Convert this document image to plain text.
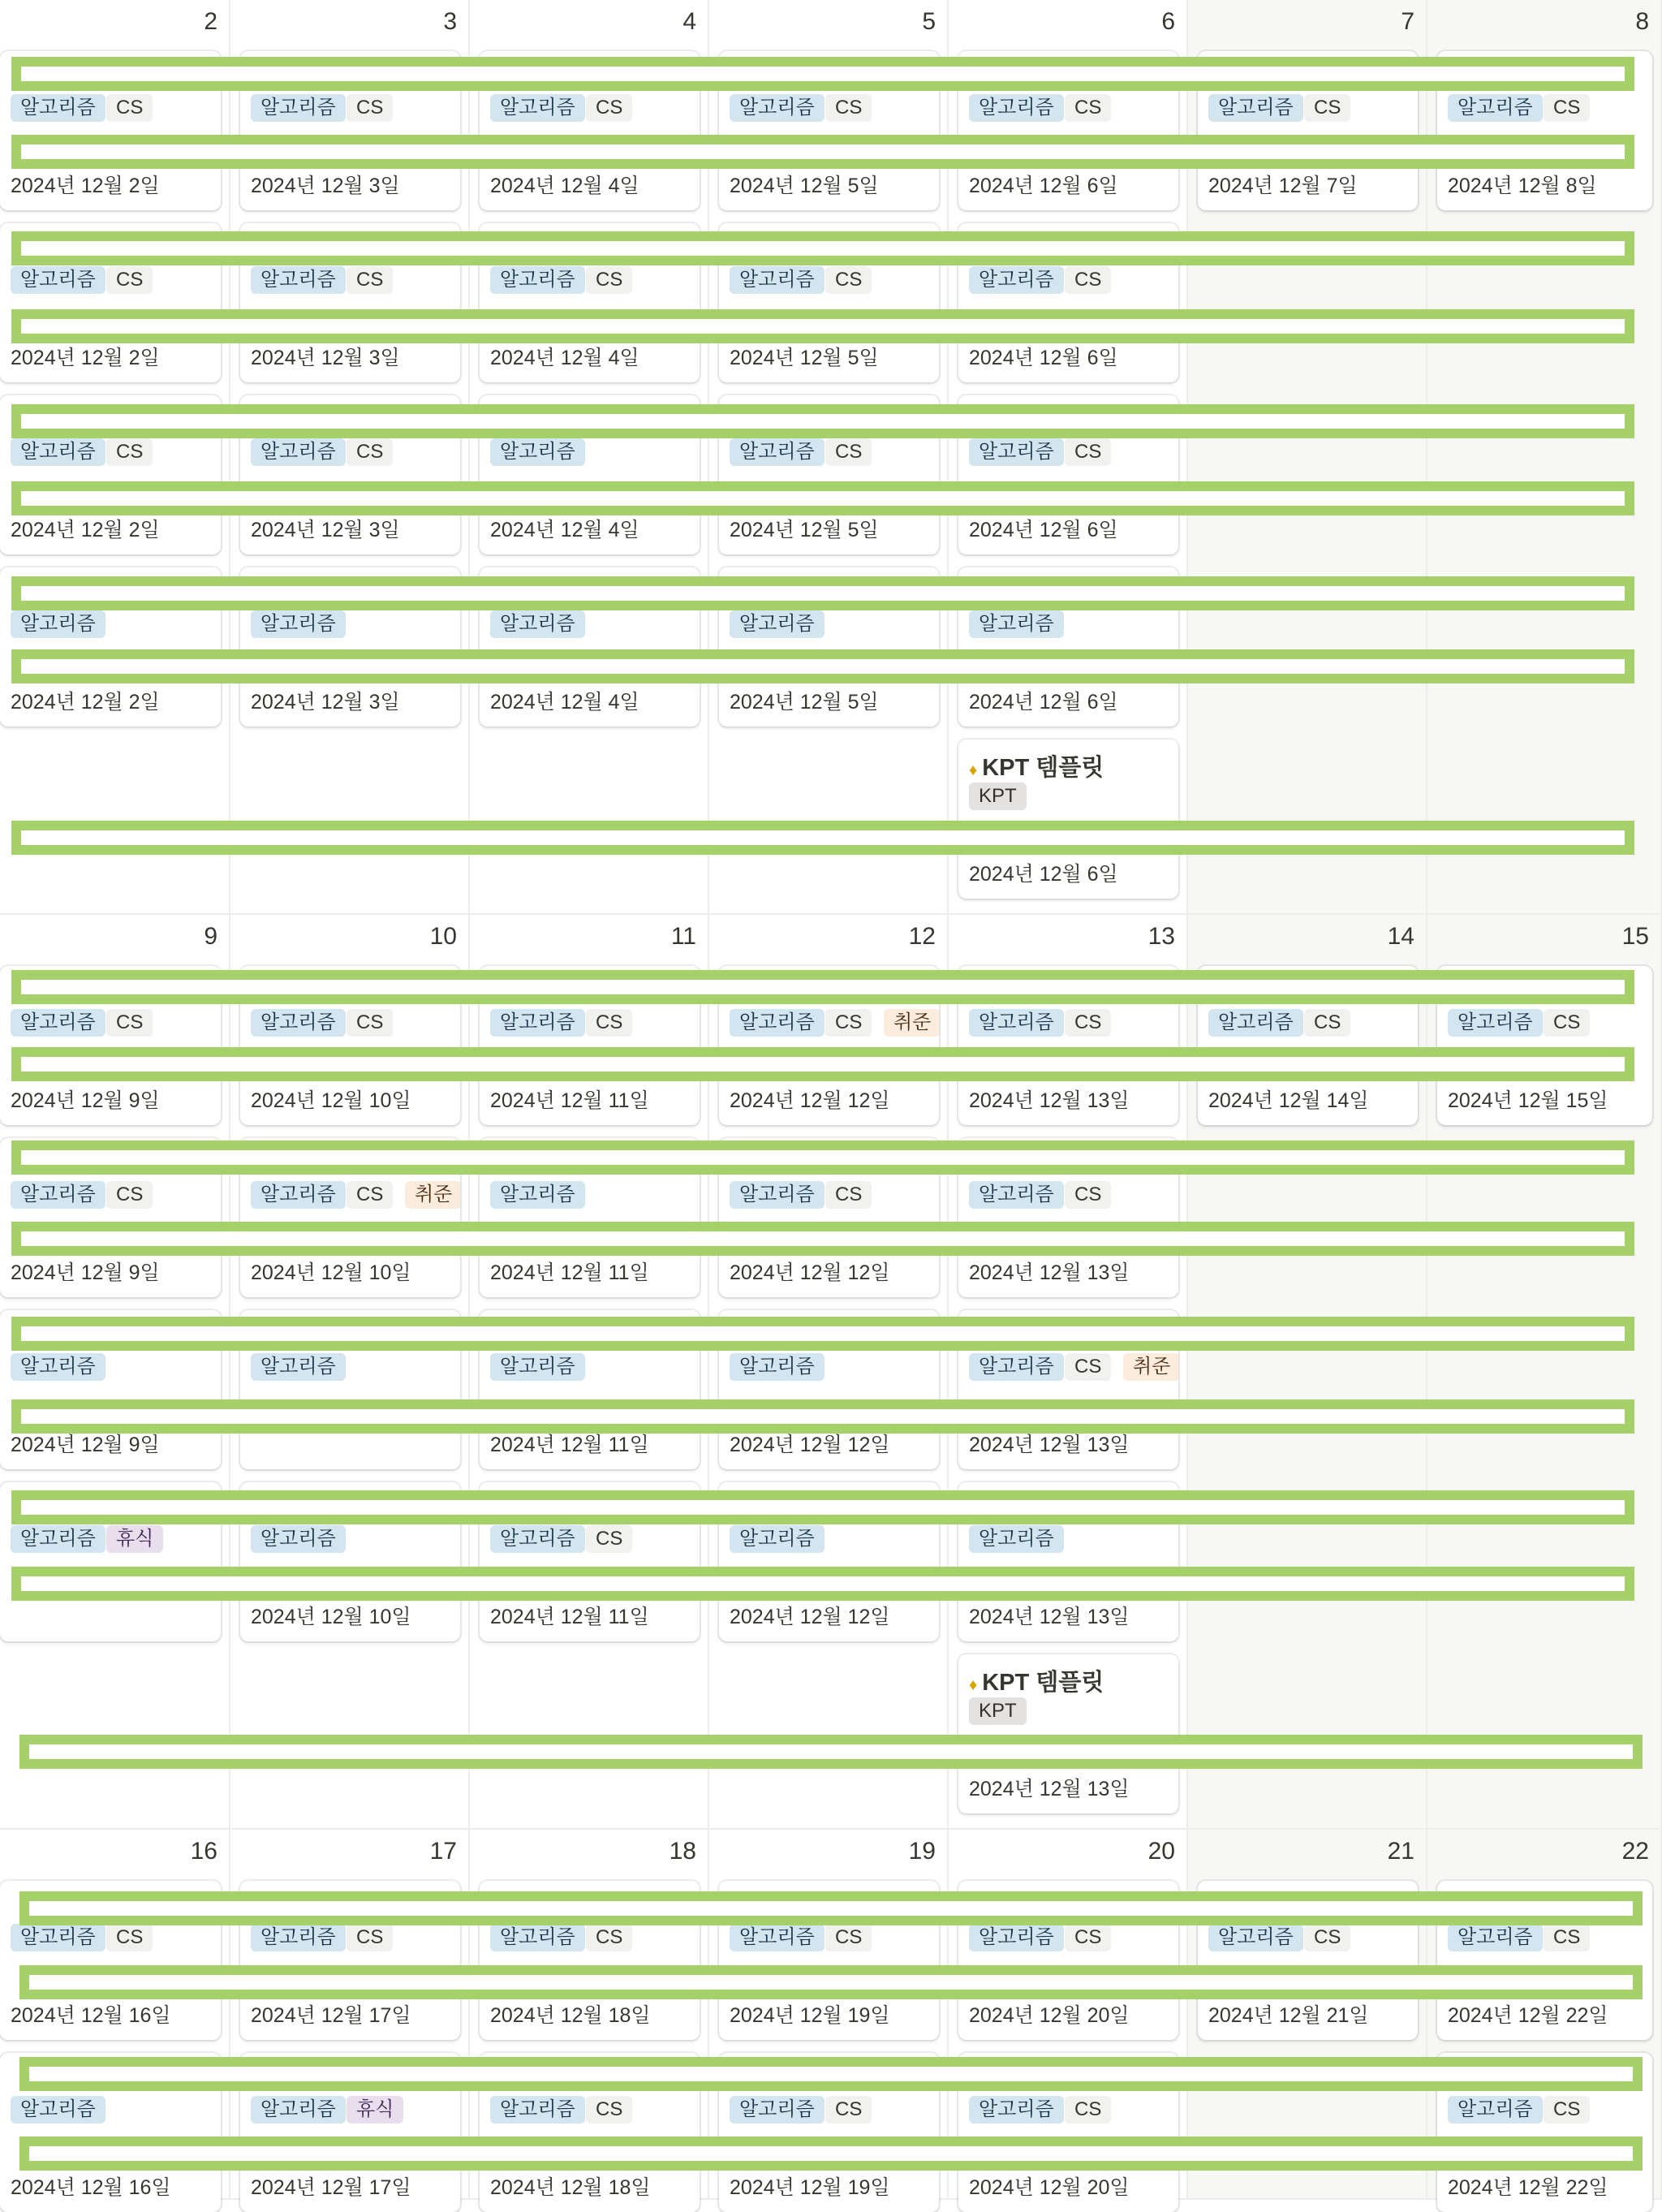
2
알고리즘	CS
2024년 12월 2일
알고리즘	CS
2024년 12월 2일
알고리즘	CS
2024년 12월 2일
알고리즘
2024년 12월 2일
3
알고리즘	CS
2024년 12월 3일
알고리즘	CS
2024년 12월 3일
알고리즘	CS
2024년 12월 3일
알고리즘
2024년 12월 3일
4
알고리즘	CS
2024년 12월 4일
알고리즘	CS
2024년 12월 4일
알고리즘
2024년 12월 4일
알고리즘
2024년 12월 4일
5
알고리즘	CS
2024년 12월 5일
알고리즘	CS
2024년 12월 5일
알고리즘	CS
2024년 12월 5일
알고리즘
2024년 12월 5일
6
알고리즘	CS
2024년 12월 6일
알고리즘	CS
2024년 12월 6일
알고리즘	CS
2024년 12월 6일
알고리즘
2024년 12월 6일
♦ KPT 템플릿
KPT
2024년 12월 6일
7
알고리즘	CS
2024년 12월 7일
8
알고리즘	CS
2024년 12월 8일
9
알고리즘	CS
2024년 12월 9일
알고리즘	CS
2024년 12월 9일
알고리즘
2024년 12월 9일
알고리즘	휴식
10
알고리즘	CS
2024년 12월 10일
알고리즘	CS	취준
2024년 12월 10일
알고리즘
알고리즘
2024년 12월 10일
11
알고리즘	CS
2024년 12월 11일
알고리즘
2024년 12월 11일
알고리즘
2024년 12월 11일
알고리즘	CS
2024년 12월 11일
12
알고리즘	CS	취준
2024년 12월 12일
알고리즘	CS
2024년 12월 12일
알고리즘
2024년 12월 12일
알고리즘
2024년 12월 12일
13
알고리즘	CS
2024년 12월 13일
알고리즘	CS
2024년 12월 13일
알고리즘	CS	취준
2024년 12월 13일
알고리즘
2024년 12월 13일
♦ KPT 템플릿
KPT
2024년 12월 13일
14
알고리즘	CS
2024년 12월 14일
15
알고리즘	CS
2024년 12월 15일
16
알고리즘	CS
2024년 12월 16일
알고리즘
2024년 12월 16일
17
알고리즘	CS
2024년 12월 17일
알고리즘	휴식
2024년 12월 17일
18
알고리즘	CS
2024년 12월 18일
알고리즘	CS
2024년 12월 18일
19
알고리즘	CS
2024년 12월 19일
알고리즘	CS
2024년 12월 19일
20
알고리즘	CS
2024년 12월 20일
알고리즘	CS
2024년 12월 20일
21
알고리즘	CS
2024년 12월 21일
22
알고리즘	CS
2024년 12월 22일
알고리즘	CS
2024년 12월 22일
